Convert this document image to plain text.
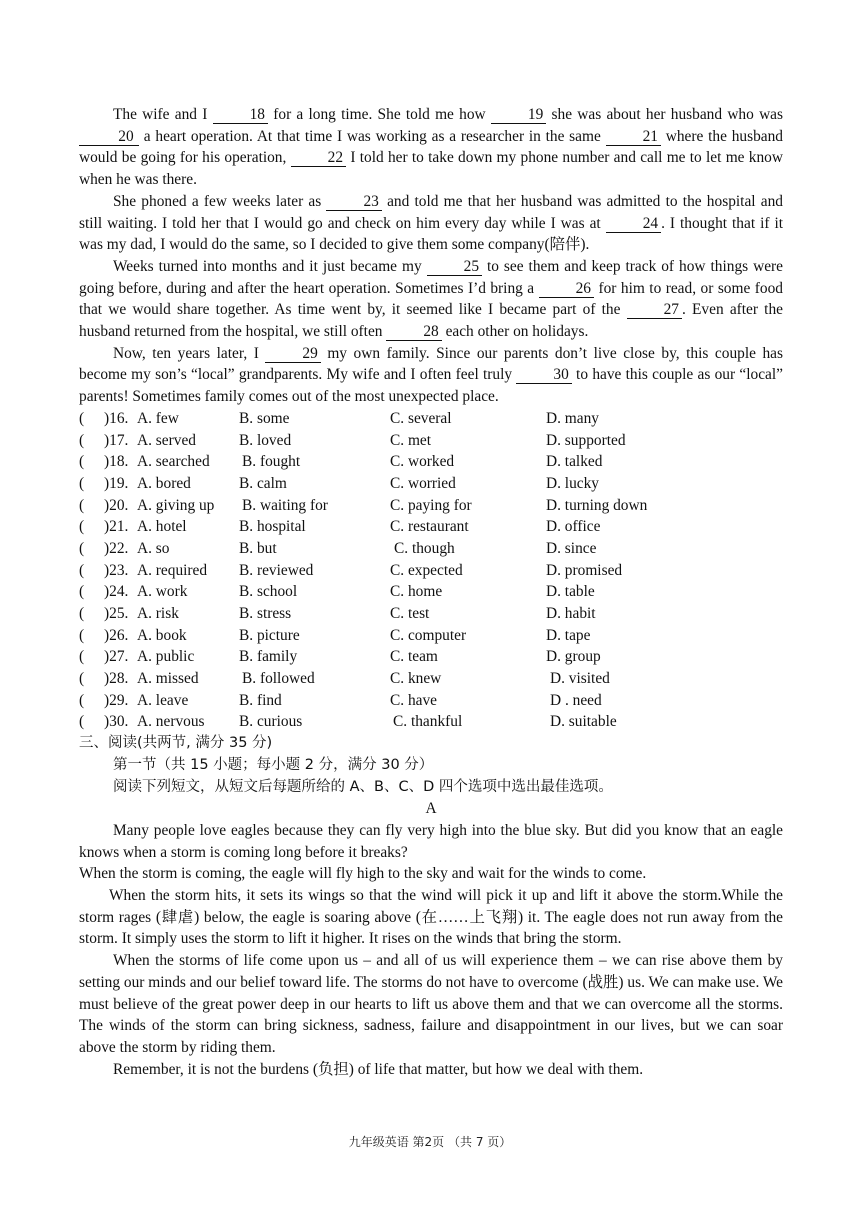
The wife and I 18 for a long time. She told me how 19 she was about her husband who was 20 a heart operation. At that time I was working as a researcher in the same 21 where the husband would be going for his operation, 22 I told her to take down my phone number and call me to let me know when he was there.

She phoned a few weeks later as 23 and told me that her husband was admitted to the hospital and still waiting. I told her that I would go and check on him every day while I was at 24 . I thought that if it was my dad, I would do the same, so I decided to give them some company(陪伴).

Weeks turned into months and it just became my 25 to see them and keep track of how things were going before, during and after the heart operation. Sometimes I’d bring a 26 for him to read, or some food that we would share together. As time went by, it seemed like I became part of the 27 . Even after the husband returned from the hospital, we still often 28 each other on holidays.

Now, ten years later, I 29 my own family. Since our parents don’t live close by, this couple has become my son’s “local” grandparents. My wife and I often feel truly 30 to have this couple as our “local” parents! Sometimes family comes out of the most unexpected place.

( )16. A. few	B. some	C. several	D. many
( )17. A. served	B. loved	C. met	D. supported
( )18. A. searched B. fought	C. worked	D. talked
( )19. A. bored	B. calm	C. worried	D. lucky
( )20. A. giving up B. waiting for	C. paying for	D. turning down
( )21. A. hotel	B. hospital	C. restaurant	D. office
( )22. A. so	B. but	C. though	D. since
( )23. A. required B. reviewed	C. expected	D. promised
( )24. A. work	B. school	C. home	D. table
( )25. A. risk	B. stress	C. test	D. habit
( )26. A. book	B. picture	C. computer	D. tape
( )27. A. public	B. family	C. team	D. group
( )28. A. missed	B. followed	C. knew	D. visited
( )29. A. leave	B. find	C. have	D . need
( )30. A. nervous B. curious	C. thankful	D. suitable

三、阅读(共两节, 满分 35 分)

第一节（共 15 小题；每小题 2 分，满分 30 分）

阅读下列短文，从短文后每题所给的 A、B、C、D 四个选项中选出最佳选项。

A

Many people love eagles because they can fly very high into the blue sky. But did you know that an eagle knows when a storm is coming long before it breaks?

When the storm is coming, the eagle will fly high to the sky and wait for the winds to come.

When the storm hits, it sets its wings so that the wind will pick it up and lift it above the storm.While the storm rages (肆虐) below, the eagle is soaring above (在……上飞翔) it. The eagle does not run away from the storm. It simply uses the storm to lift it higher. It rises on the winds that bring the storm.

When the storms of life come upon us – and all of us will experience them – we can rise above them by setting our minds and our belief toward life. The storms do not have to overcome (战胜) us. We can make use. We must believe of the great power deep in our hearts to lift us above them and that we can overcome all the storms. The winds of the storm can bring sickness, sadness, failure and disappointment in our lives, but we can soar above the storm by riding them.

Remember, it is not the burdens (负担) of life that matter, but how we deal with them.

九年级英语 第2页 （共 7 页）
